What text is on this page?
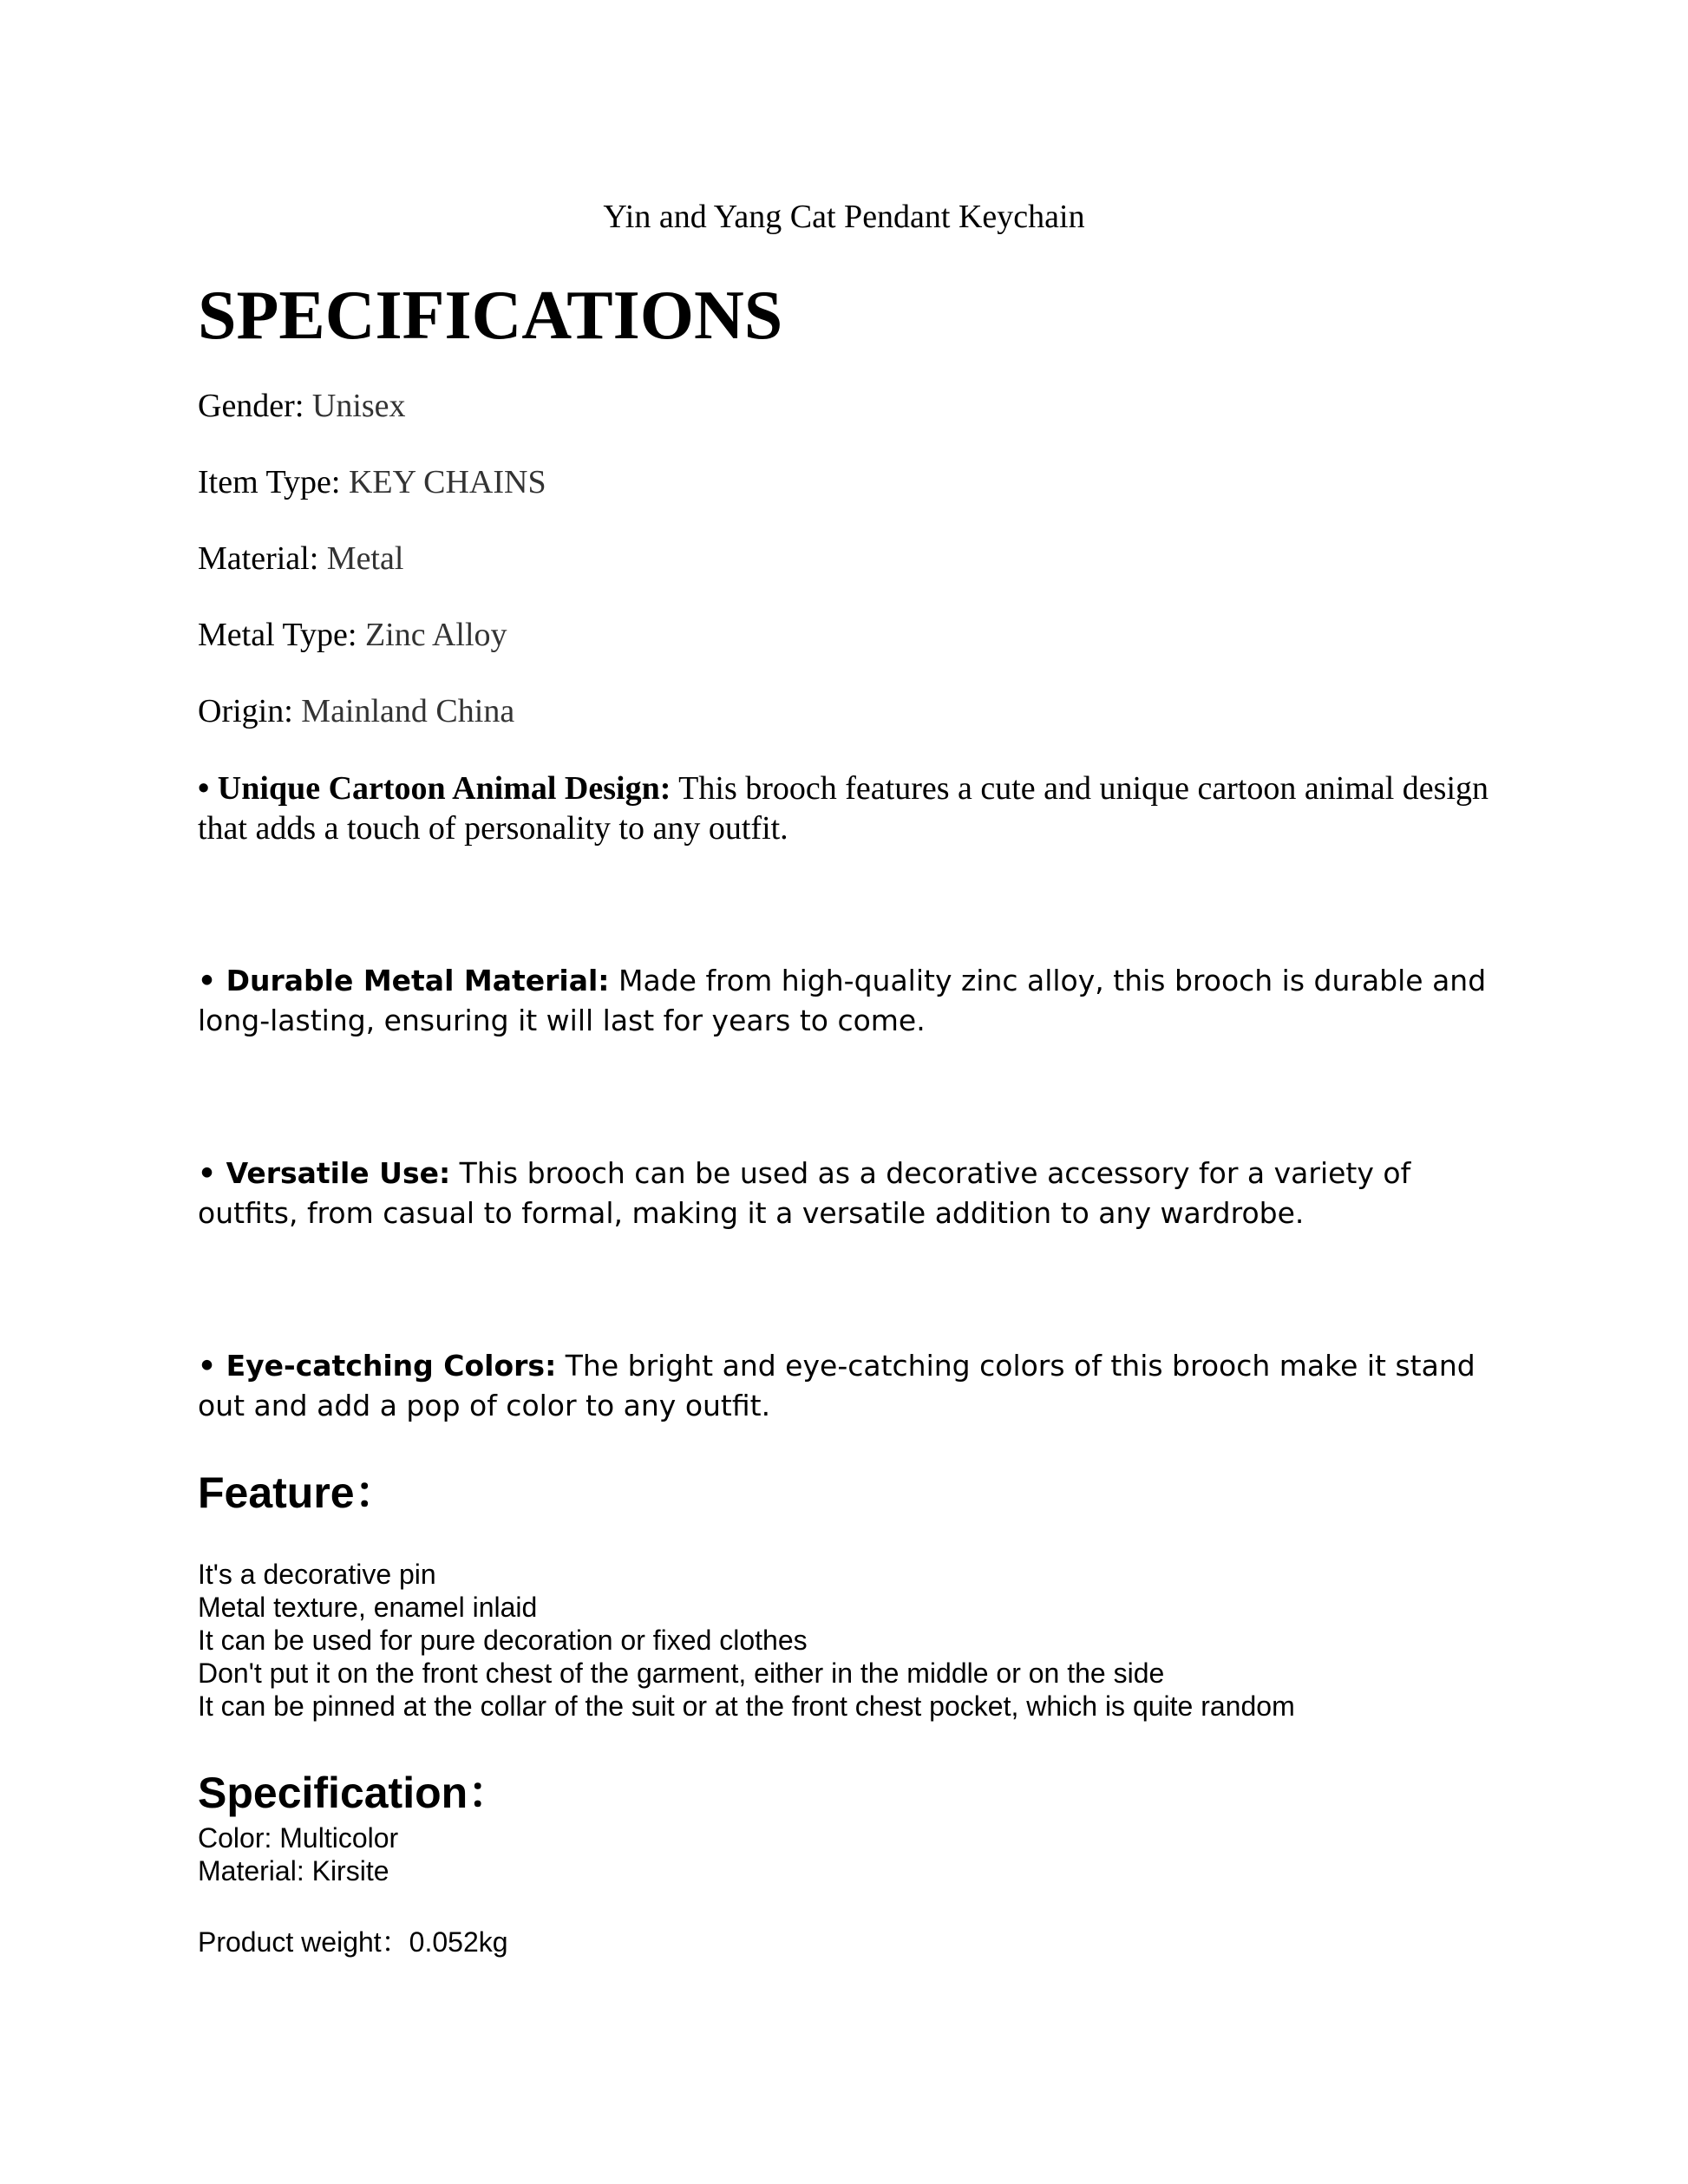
Yin and Yang Cat Pendant Keychain
SPECIFICATIONS
Gender: Unisex
Item Type: KEY CHAINS
Material: Metal
Metal Type: Zinc Alloy
Origin: Mainland China
• Unique Cartoon Animal Design: This brooch features a cute and unique cartoon animal design that adds a touch of personality to any outfit.
• Durable Metal Material: Made from high-quality zinc alloy, this brooch is durable and long-lasting, ensuring it will last for years to come.
• Versatile Use: This brooch can be used as a decorative accessory for a variety of outfits, from casual to formal, making it a versatile addition to any wardrobe.
• Eye-catching Colors: The bright and eye-catching colors of this brooch make it stand out and add a pop of color to any outfit.
Feature：
It's a decorative pin
Metal texture, enamel inlaid
It can be used for pure decoration or fixed clothes
Don't put it on the front chest of the garment, either in the middle or on the side
It can be pinned at the collar of the suit or at the front chest pocket, which is quite random
Specification：
Color: Multicolor
Material: Kirsite
Product weight：0.052kg
